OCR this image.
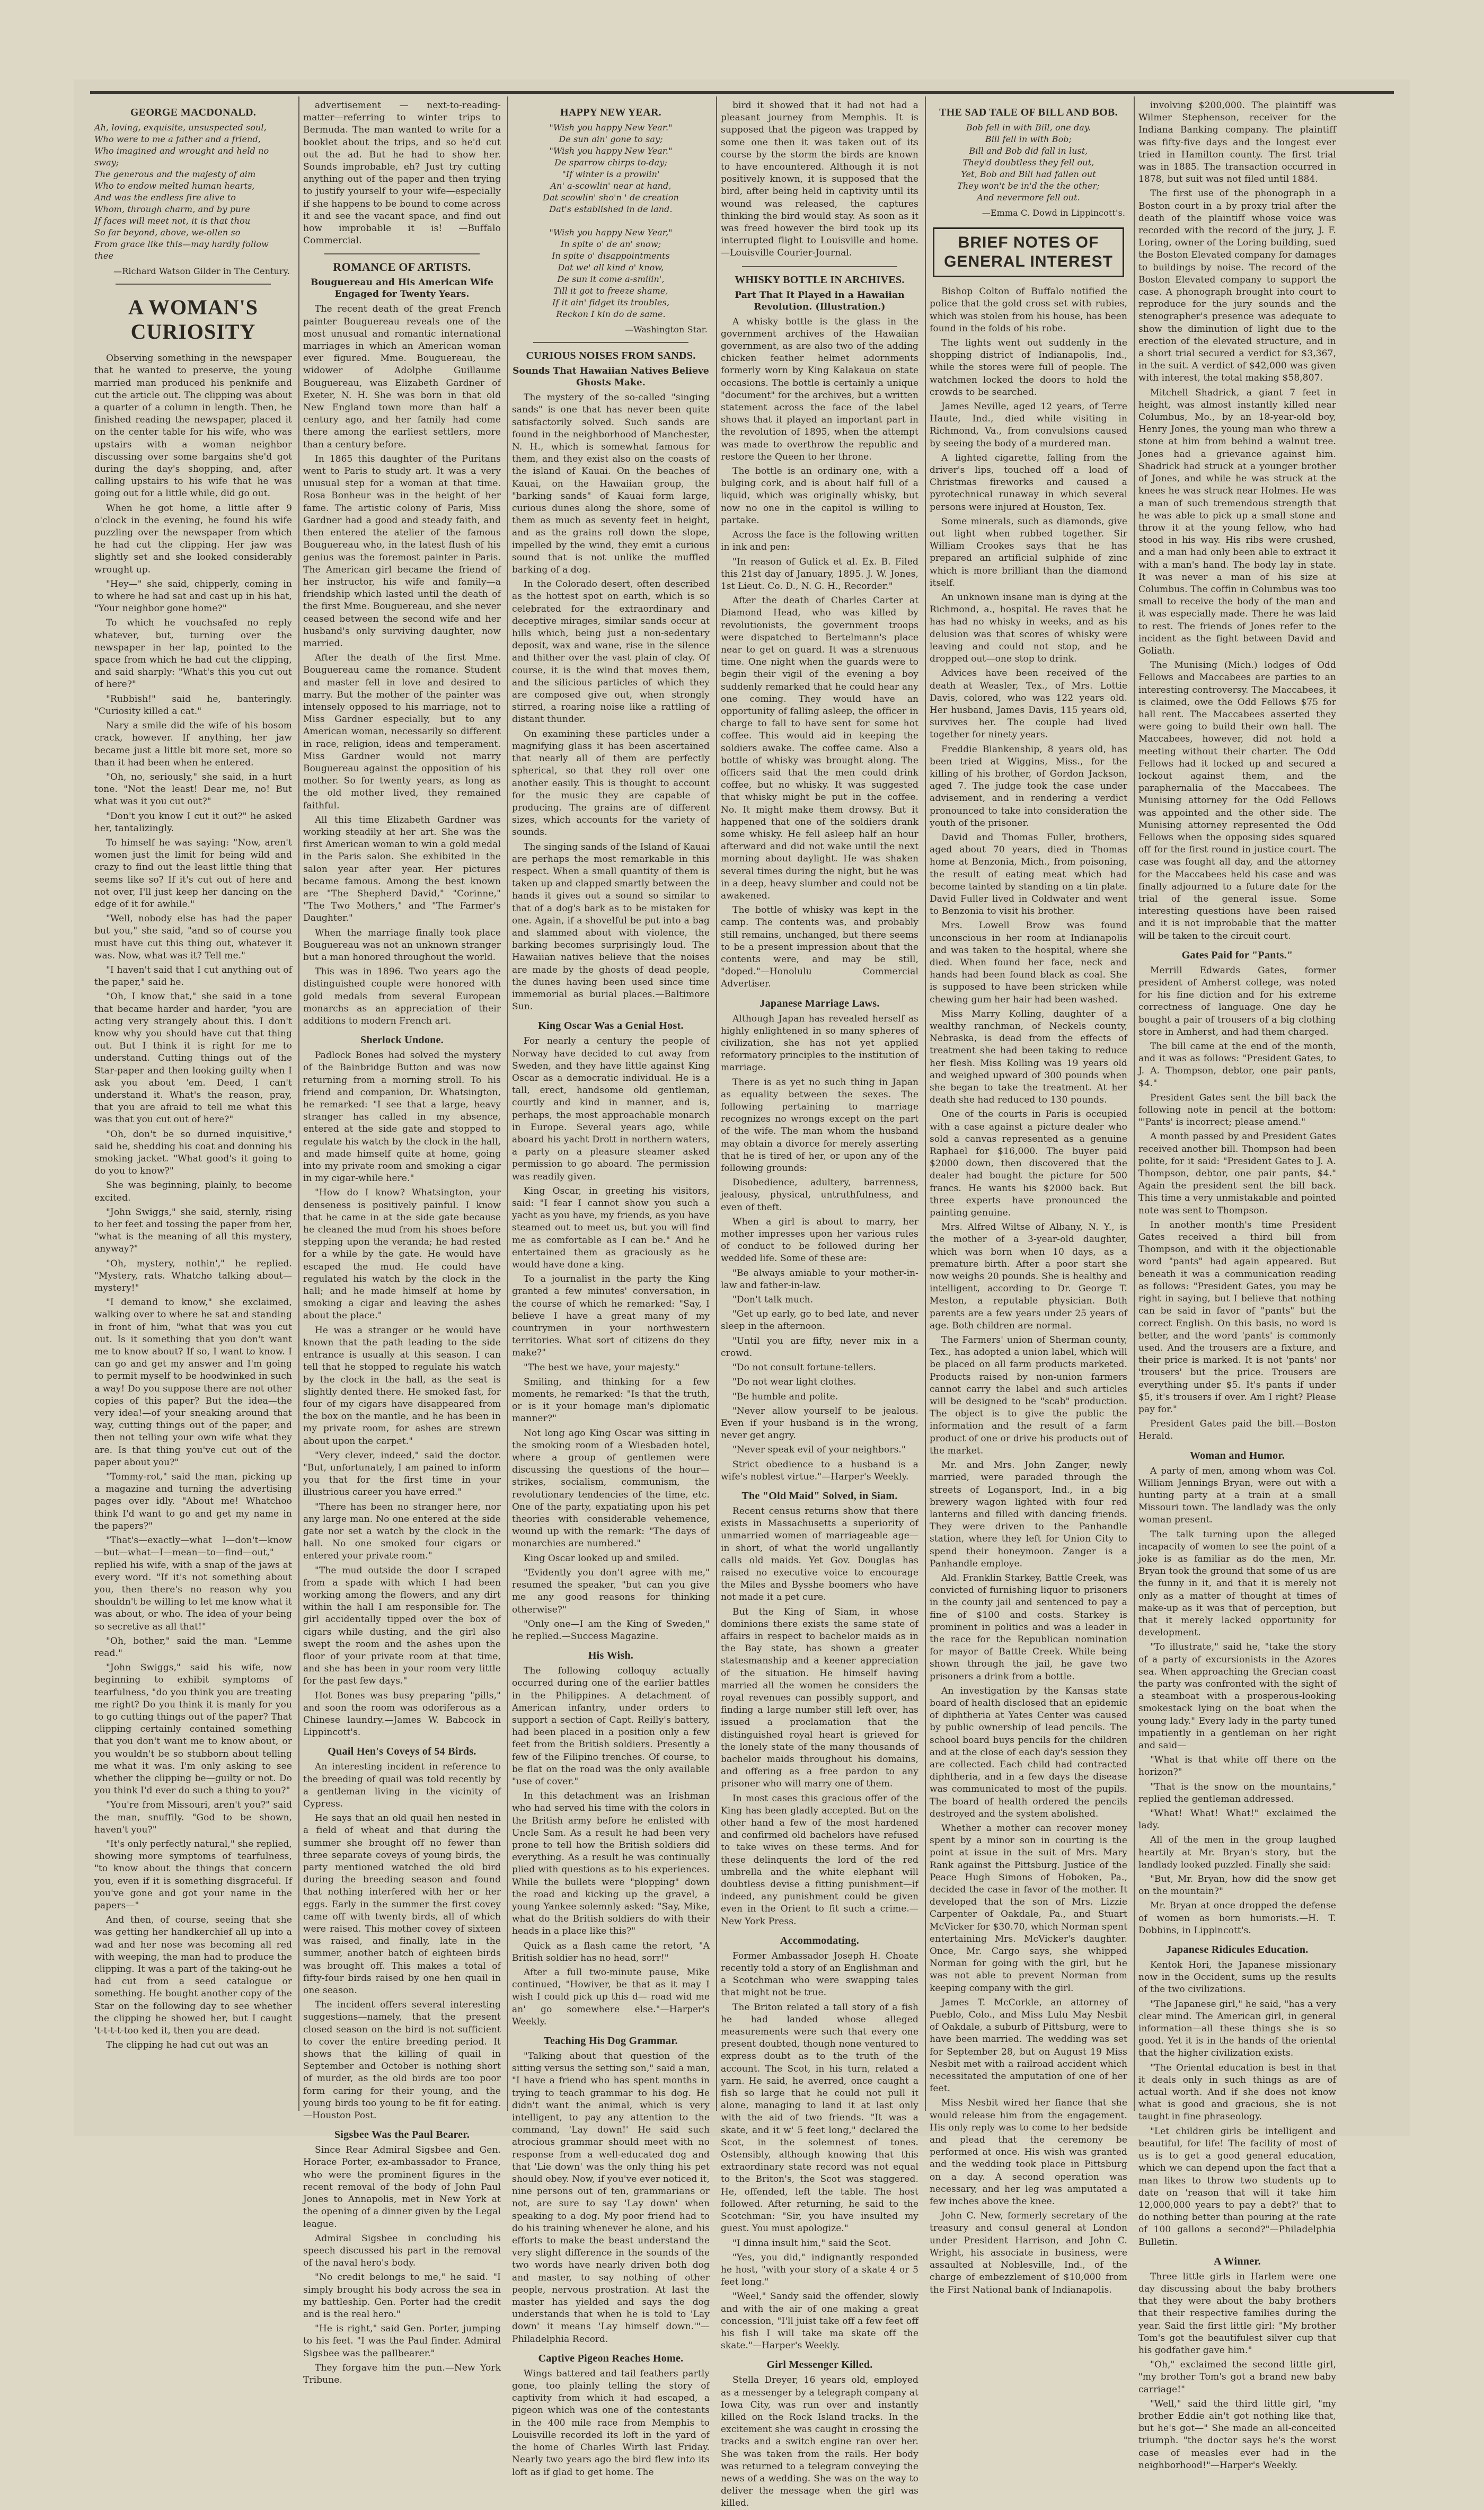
GEORGE MACDONALD.
Ah, loving, exquisite, unsuspected soul,
Who were to me a father and a friend,
Who imagined and wrought and held no
sway;
The generous and the majesty of aim
Who to endow melted human hearts,
And was the endless fire alive to
Whom, through charm, and by pure
If faces will meet not, it is that thou
So far beyond, above, we-ollen so
From grace like this—may hardly follow
thee
—Richard Watson Gilder in The Century.
A WOMAN'S CURIOSITY

Observing something in the newspaper that he wanted to preserve, the young married man produced his penknife and cut the article out. The clipping was about a quarter of a column in length. Then, he finished reading the newspaper, placed it on the center table for his wife, who was upstairs with a woman neighbor discussing over some bargains she'd got during the day's shopping, and, after calling upstairs to his wife that he was going out for a little while, did go out.

When he got home, a little after 9 o'clock in the evening, he found his wife puzzling over the newspaper from which he had cut the clipping. Her jaw was slightly set and she looked considerably wrought up.

"Hey—" she said, chipperly, coming in to where he had sat and cast up in his hat, "Your neighbor gone home?"

To which he vouchsafed no reply whatever, but, turning over the newspaper in her lap, pointed to the space from which he had cut the clipping, and said sharply: "What's this you cut out of here?"

"Rubbish!" said he, banteringly. "Curiosity killed a cat."

Nary a smile did the wife of his bosom crack, however. If anything, her jaw became just a little bit more set, more so than it had been when he entered.

"Oh, no, seriously," she said, in a hurt tone. "Not the least! Dear me, no! But what was it you cut out?"

"Don't you know I cut it out?" he asked her, tantalizingly.

To himself he was saying: "Now, aren't women just the limit for being wild and crazy to find out the least little thing that seems like so? If it's cut out of here and not over, I'll just keep her dancing on the edge of it for awhile."

"Well, nobody else has had the paper but you," she said, "and so of course you must have cut this thing out, whatever it was. Now, what was it? Tell me."

"I haven't said that I cut anything out of the paper," said he.

"Oh, I know that," she said in a tone that became harder and harder, "you are acting very strangely about this. I don't know why you should have cut that thing out. But I think it is right for me to understand. Cutting things out of the Star-paper and then looking guilty when I ask you about 'em. Deed, I can't understand it. What's the reason, pray, that you are afraid to tell me what this was that you cut out of here?"

"Oh, don't be so durned inquisitive," said he, shedding his coat and donning his smoking jacket. "What good's it going to do you to know?"

She was beginning, plainly, to become excited.

"John Swiggs," she said, sternly, rising to her feet and tossing the paper from her, "what is the meaning of all this mystery, anyway?"

"Oh, mystery, nothin'," he replied. "Mystery, rats. Whatcho talking about—mystery!"

"I demand to know," she exclaimed, walking over to where he sat and standing in front of him, "what that was you cut out. Is it something that you don't want me to know about? If so, I want to know. I can go and get my answer and I'm going to permit myself to be hoodwinked in such a way! Do you suppose there are not other copies of this paper? But the idea—the very idea!—of your sneaking around that way, cutting things out of the paper, and then not telling your own wife what they are. Is that thing you've cut out of the paper about you?"

"Tommy-rot," said the man, picking up a magazine and turning the advertising pages over idly. "About me! Whatchoo think I'd want to go and get my name in the papers?"

"That's—exactly—what I—don't—know—but—what—I—mean—to—find—out," replied his wife, with a snap of the jaws at every word. "If it's not something about you, then there's no reason why you shouldn't be willing to let me know what it was about, or who. The idea of your being so secretive as all that!"

"Oh, bother," said the man. "Lemme read."

"John Swiggs," said his wife, now beginning to exhibit symptoms of tearfulness, "do you think you are treating me right? Do you think it is manly for you to go cutting things out of the paper? That clipping certainly contained something that you don't want me to know about, or you wouldn't be so stubborn about telling me what it was. I'm only asking to see whether the clipping be—guilty or not. Do you think I'd ever do such a thing to you?"

"You're from Missouri, aren't you?" said the man, snuffily. "God to be shown, haven't you?"

"It's only perfectly natural," she replied, showing more symptoms of tearfulness, "to know about the things that concern you, even if it is something disgraceful. If you've gone and got your name in the papers—"

And then, of course, seeing that she was getting her handkerchief all up into a wad and her nose was becoming all red with weeping, the man had to produce the clipping. It was a part of the taking-out he had cut from a seed catalogue or something. He bought another copy of the Star on the following day to see whether the clipping he showed her, but I caught 't-t-t-t-too ked it, then you are dead.

The clipping he had cut out was an

advertisement — next-to-reading-matter—referring to winter trips to Bermuda. The man wanted to write for a booklet about the trips, and so he'd cut out the ad. But he had to show her. Sounds improbable, eh? Just try cutting anything out of the paper and then trying to justify yourself to your wife—especially if she happens to be bound to come across it and see the vacant space, and find out how improbable it is! —Buffalo Commercial.

ROMANCE OF ARTISTS.
Bouguereau and His American Wife Engaged for Twenty Years.

The recent death of the great French painter Bouguereau reveals one of the most unusual and romantic international marriages in which an American woman ever figured. Mme. Bouguereau, the widower of Adolphe Guillaume Bouguereau, was Elizabeth Gardner of Exeter, N. H. She was born in that old New England town more than half a century ago, and her family had come there among the earliest settlers, more than a century before.

In 1865 this daughter of the Puritans went to Paris to study art. It was a very unusual step for a woman at that time. Rosa Bonheur was in the height of her fame. The artistic colony of Paris, Miss Gardner had a good and steady faith, and then entered the atelier of the famous Bouguereau who, in the latest flush of his genius was the foremost painter in Paris. The American girl became the friend of her instructor, his wife and family—a friendship which lasted until the death of the first Mme. Bouguereau, and she never ceased between the second wife and her husband's only surviving daughter, now married.

After the death of the first Mme. Bouguereau came the romance. Student and master fell in love and desired to marry. But the mother of the painter was intensely opposed to his marriage, not to Miss Gardner especially, but to any American woman, necessarily so different in race, religion, ideas and temperament. Miss Gardner would not marry Bouguereau against the opposition of his mother. So for twenty years, as long as the old mother lived, they remained faithful.

All this time Elizabeth Gardner was working steadily at her art. She was the first American woman to win a gold medal in the Paris salon. She exhibited in the salon year after year. Her pictures became famous. Among the best known are "The Shepherd David," "Corinne," "The Two Mothers," and "The Farmer's Daughter."

When the marriage finally took place Bouguereau was not an unknown stranger but a man honored throughout the world.

This was in 1896. Two years ago the distinguished couple were honored with gold medals from several European monarchs as an appreciation of their additions to modern French art.

Sherlock Undone.

Padlock Bones had solved the mystery of the Bainbridge Button and was now returning from a morning stroll. To his friend and companion, Dr. Whatsington, he remarked: "I see that a large, heavy stranger has called in my absence, entered at the side gate and stopped to regulate his watch by the clock in the hall, and made himself quite at home, going into my private room and smoking a cigar in my cigar-while here."

"How do I know? Whatsington, your denseness is positively painful. I know that he came in at the side gate because he cleaned the mud from his shoes before stepping upon the veranda; he had rested for a while by the gate. He would have escaped the mud. He could have regulated his watch by the clock in the hall; and he made himself at home by smoking a cigar and leaving the ashes about the place."

He was a stranger or he would have known that the path leading to the side entrance is usually at this season. I can tell that he stopped to regulate his watch by the clock in the hall, as the seat is slightly dented there. He smoked fast, for four of my cigars have disappeared from the box on the mantle, and he has been in my private room, for ashes are strewn about upon the carpet."

"Very clever, indeed," said the doctor. "But, unfortunately, I am pained to inform you that for the first time in your illustrious career you have erred."

"There has been no stranger here, nor any large man. No one entered at the side gate nor set a watch by the clock in the hall. No one smoked four cigars or entered your private room."

"The mud outside the door I scraped from a spade with which I had been working among the flowers, and any dirt within the hall I am responsible for. The girl accidentally tipped over the box of cigars while dusting, and the girl also swept the room and the ashes upon the floor of your private room at that time, and she has been in your room very little for the past few days."

Hot Bones was busy preparing "pills," and soon the room was odoriferous as a Chinese laundry.—James W. Babcock in Lippincott's.

Quail Hen's Coveys of 54 Birds.

An interesting incident in reference to the breeding of quail was told recently by a gentleman living in the vicinity of Cypress.

He says that an old quail hen nested in a field of wheat and that during the summer she brought off no fewer than three separate coveys of young birds, the party mentioned watched the old bird during the breeding season and found that nothing interfered with her or her eggs. Early in the summer the first covey came off with twenty birds, all of which were raised. This mother covey of sixteen was raised, and finally, late in the summer, another batch of eighteen birds was brought off. This makes a total of fifty-four birds raised by one hen quail in one season.

The incident offers several interesting suggestions—namely, that the present closed season on the bird is not sufficient to cover the entire breeding period. It shows that the killing of quail in September and October is nothing short of murder, as the old birds are too poor form caring for their young, and the young birds too young to be fit for eating.—Houston Post.

Sigsbee Was the Paul Bearer.

Since Rear Admiral Sigsbee and Gen. Horace Porter, ex-ambassador to France, who were the prominent figures in the recent removal of the body of John Paul Jones to Annapolis, met in New York at the opening of a dinner given by the Legal league.

Admiral Sigsbee in concluding his speech discussed his part in the removal of the naval hero's body.

"No credit belongs to me," he said. "I simply brought his body across the sea in my battleship. Gen. Porter had the credit and is the real hero."

"He is right," said Gen. Porter, jumping to his feet. "I was the Paul finder. Admiral Sigsbee was the pallbearer."

They forgave him the pun.—New York Tribune.

HAPPY NEW YEAR.
"Wish you happy New Year."
De sun ain' gone to say;
"Wish you happy New Year."
De sparrow chirps to-day;
"If winter is a prowlin'
An' a-scowlin' near at hand,
Dat scowlin' sho'n ' de creation
Dat's established in de land.

"Wish you happy New Year,"
In spite o' de an' snow;
In spite o' disappointments
Dat we' all kind o' know,
De sun it come a-smilin',
Till it got to freeze shame,
If it ain' fidget its troubles,
Reckon I kin do de same.
—Washington Star.
CURIOUS NOISES FROM SANDS.
Sounds That Hawaiian Natives Believe Ghosts Make.

The mystery of the so-called "singing sands" is one that has never been quite satisfactorily solved. Such sands are found in the neighborhood of Manchester, N. H., which is somewhat famous for them, and they exist also on the coasts of the island of Kauai. On the beaches of Kauai, on the Hawaiian group, the "barking sands" of Kauai form large, curious dunes along the shore, some of them as much as seventy feet in height, and as the grains roll down the slope, impelled by the wind, they emit a curious sound that is not unlike the muffled barking of a dog.

In the Colorado desert, often described as the hottest spot on earth, which is so celebrated for the extraordinary and deceptive mirages, similar sands occur at hills which, being just a non-sedentary deposit, wax and wane, rise in the silence and thither over the vast plain of clay. Of course, it is the wind that moves them, and the silicious particles of which they are composed give out, when strongly stirred, a roaring noise like a rattling of distant thunder.

On examining these particles under a magnifying glass it has been ascertained that nearly all of them are perfectly spherical, so that they roll over one another easily. This is thought to account for the music they are capable of producing. The grains are of different sizes, which accounts for the variety of sounds.

The singing sands of the Island of Kauai are perhaps the most remarkable in this respect. When a small quantity of them is taken up and clapped smartly between the hands it gives out a sound so similar to that of a dog's bark as to be mistaken for one. Again, if a shovelful be put into a bag and slammed about with violence, the barking becomes surprisingly loud. The Hawaiian natives believe that the noises are made by the ghosts of dead people, the dunes having been used since time immemorial as burial places.—Baltimore Sun.

King Oscar Was a Genial Host.

For nearly a century the people of Norway have decided to cut away from Sweden, and they have little against King Oscar as a democratic individual. He is a tall, erect, handsome old gentleman, courtly and kind in manner, and is, perhaps, the most approachable monarch in Europe. Several years ago, while aboard his yacht Drott in northern waters, a party on a pleasure steamer asked permission to go aboard. The permission was readily given.

King Oscar, in greeting his visitors, said: "I fear I cannot show you such a yacht as you have, my friends, as you have steamed out to meet us, but you will find me as comfortable as I can be." And he entertained them as graciously as he would have done a king.

To a journalist in the party the King granted a few minutes' conversation, in the course of which he remarked: "Say, I believe I have a great many of my countrymen in your northwestern territories. What sort of citizens do they make?"

"The best we have, your majesty."

Smiling, and thinking for a few moments, he remarked: "Is that the truth, or is it your homage man's diplomatic manner?"

Not long ago King Oscar was sitting in the smoking room of a Wiesbaden hotel, where a group of gentlemen were discussing the questions of the hour—strikes, socialism, communism, the revolutionary tendencies of the time, etc. One of the party, expatiating upon his pet theories with considerable vehemence, wound up with the remark: "The days of monarchies are numbered."

King Oscar looked up and smiled.

"Evidently you don't agree with me," resumed the speaker, "but can you give me any good reasons for thinking otherwise?"

"Only one—I am the King of Sweden," he replied.—Success Magazine.

His Wish.

The following colloquy actually occurred during one of the earlier battles in the Philippines. A detachment of American infantry, under orders to support a section of Capt. Reilly's battery, had been placed in a position only a few feet from the British soldiers. Presently a few of the Filipino trenches. Of course, to be flat on the road was the only available "use of cover."

In this detachment was an Irishman who had served his time with the colors in the British army before he enlisted with Uncle Sam. As a result he had been very prone to tell how the British soldiers did everything. As a result he was continually plied with questions as to his experiences. While the bullets were "plopping" down the road and kicking up the gravel, a young Yankee solemnly asked: "Say, Mike, what do the British soldiers do with their heads in a place like this?"

Quick as a flash came the retort, "A British soldier has no head, sorr!"

After a full two-minute pause, Mike continued, "Howiver, be that as it may I wish I could pick up this d— road wid me an' go somewhere else."—Harper's Weekly.

Teaching His Dog Grammar.

"Talking about that question of the sitting versus the setting son," said a man, "I have a friend who has spent months in trying to teach grammar to his dog. He didn't want the animal, which is very intelligent, to pay any attention to the command, 'Lay down!' He said such atrocious grammar should meet with no response from a well-educated dog and that 'Lie down' was the only thing his pet should obey. Now, if you've ever noticed it, nine persons out of ten, grammarians or not, are sure to say 'Lay down' when speaking to a dog. My poor friend had to do his training whenever he alone, and his efforts to make the beast understand the very slight difference in the sounds of the two words have nearly driven both dog and master, to say nothing of other people, nervous prostration. At last the master has yielded and says the dog understands that when he is told to 'Lay down' it means 'Lay himself down.'"—Philadelphia Record.

Captive Pigeon Reaches Home.

Wings battered and tail feathers partly gone, too plainly telling the story of captivity from which it had escaped, a pigeon which was one of the contestants in the 400 mile race from Memphis to Louisville recorded its loft in the yard of the home of Charles Wirth last Friday. Nearly two years ago the bird flew into its loft as if glad to get home. The

bird it showed that it had not had a pleasant journey from Memphis. It is supposed that the pigeon was trapped by some one then it was taken out of its course by the storm the birds are known to have encountered. Although it is not positively known, it is supposed that the bird, after being held in captivity until its wound was released, the captures thinking the bird would stay. As soon as it was freed however the bird took up its interrupted flight to Louisville and home.—Louisville Courier-Journal.

WHISKY BOTTLE IN ARCHIVES.
Part That It Played in a Hawaiian Revolution. (Illustration.)

A whisky bottle is the glass in the government archives of the Hawaiian government, as are also two of the adding chicken feather helmet adornments formerly worn by King Kalakaua on state occasions. The bottle is certainly a unique "document" for the archives, but a written statement across the face of the label shows that it played an important part in the revolution of 1895, when the attempt was made to overthrow the republic and restore the Queen to her throne.

The bottle is an ordinary one, with a bulging cork, and is about half full of a liquid, which was originally whisky, but now no one in the capitol is willing to partake.

Across the face is the following written in ink and pen:

"In reason of Gulick et al. Ex. B. Filed this 21st day of January, 1895. J. W. Jones, 1st Lieut. Co. D., N. G. H., Recorder."

After the death of Charles Carter at Diamond Head, who was killed by revolutionists, the government troops were dispatched to Bertelmann's place near to get on guard. It was a strenuous time. One night when the guards were to begin their vigil of the evening a boy suddenly remarked that he could hear any one coming. They would have an opportunity of falling asleep, the officer in charge to fall to have sent for some hot coffee. This would aid in keeping the soldiers awake. The coffee came. Also a bottle of whisky was brought along. The officers said that the men could drink coffee, but no whisky. It was suggested that whisky might be put in the coffee. No. It might make them drowsy. But it happened that one of the soldiers drank some whisky. He fell asleep half an hour afterward and did not wake until the next morning about daylight. He was shaken several times during the night, but he was in a deep, heavy slumber and could not be awakened.

The bottle of whisky was kept in the camp. The contents was, and probably still remains, unchanged, but there seems to be a present impression about that the contents were, and may be still, "doped."—Honolulu Commercial Advertiser.

Japanese Marriage Laws.

Although Japan has revealed herself as highly enlightened in so many spheres of civilization, she has not yet applied reformatory principles to the institution of marriage.

There is as yet no such thing in Japan as equality between the sexes. The following pertaining to marriage recognizes no wrongs except on the part of the wife. The man whom the husband may obtain a divorce for merely asserting that he is tired of her, or upon any of the following grounds:

Disobedience, adultery, barrenness, jealousy, physical, untruthfulness, and even of theft.

When a girl is about to marry, her mother impresses upon her various rules of conduct to be followed during her wedded life. Some of these are:

"Be always amiable to your mother-in-law and father-in-law.

"Don't talk much.

"Get up early, go to bed late, and never sleep in the afternoon.

"Until you are fifty, never mix in a crowd.

"Do not consult fortune-tellers.

"Do not wear light clothes.

"Be humble and polite.

"Never allow yourself to be jealous. Even if your husband is in the wrong, never get angry.

"Never speak evil of your neighbors."

Strict obedience to a husband is a wife's noblest virtue."—Harper's Weekly.

The "Old Maid" Solved, in Siam.

Recent census returns show that there exists in Massachusetts a superiority of unmarried women of marriageable age—in short, of what the world ungallantly calls old maids. Yet Gov. Douglas has raised no executive voice to encourage the Miles and Bysshe boomers who have not made it a pet cure.

But the King of Siam, in whose dominions there exists the same state of affairs in respect to bachelor maids as in the Bay state, has shown a greater statesmanship and a keener appreciation of the situation. He himself having married all the women he considers the royal revenues can possibly support, and finding a large number still left over, has issued a proclamation that the distinguished royal heart is grieved for the lonely state of the many thousands of bachelor maids throughout his domains, and offering as a free pardon to any prisoner who will marry one of them.

In most cases this gracious offer of the King has been gladly accepted. But on the other hand a few of the most hardened and confirmed old bachelors have refused to take wives on these terms. And for these delinquents the lord of the red umbrella and the white elephant will doubtless devise a fitting punishment—if indeed, any punishment could be given even in the Orient to fit such a crime.—New York Press.

Accommodating.

Former Ambassador Joseph H. Choate recently told a story of an Englishman and a Scotchman who were swapping tales that might not be true.

The Briton related a tall story of a fish he had landed whose alleged measurements were such that every one present doubted, though none ventured to express doubt as to the truth of the account. The Scot, in his turn, related a yarn. He said, he averred, once caught a fish so large that he could not pull it alone, managing to land it at last only with the aid of two friends. "It was a skate, and it w' 5 feet long," declared the Scot, in the solemnest of tones. Ostensibly, although knowing that this extraordinary state record was not equal to the Briton's, the Scot was staggered. He, offended, left the table. The host followed. After returning, he said to the Scotchman: "Sir, you have insulted my guest. You must apologize."

"I dinna insult him," said the Scot.

"Yes, you did," indignantly responded he host, "with your story of a skate 4 or 5 feet long."

"Weel," Sandy said the offender, slowly and with the air of one making a great concession, "I'll juist take off a few feet off his fish I will take ma skate off the skate."—Harper's Weekly.

Girl Messenger Killed.

Stella Dreyer, 16 years old, employed as a messenger by a telegraph company at Iowa City, was run over and instantly killed on the Rock Island tracks. In the excitement she was caught in crossing the tracks and a switch engine ran over her. She was taken from the rails. Her body was returned to a telegram conveying the news of a wedding. She was on the way to deliver the message when the girl was killed.

THE SAD TALE OF BILL AND BOB.
Bob fell in with Bill, one day.
Bill fell in with Bob;
Bill and Bob did fall in lust,
They'd doubtless they fell out,
Yet, Bob and Bill had fallen out
They won't be in'd the the other;
And nevermore fell out.
—Emma C. Dowd in Lippincott's.
BRIEF NOTES OF
GENERAL INTEREST

Bishop Colton of Buffalo notified the police that the gold cross set with rubies, which was stolen from his house, has been found in the folds of his robe.

The lights went out suddenly in the shopping district of Indianapolis, Ind., while the stores were full of people. The watchmen locked the doors to hold the crowds to be searched.

James Neville, aged 12 years, of Terre Haute, Ind., died while visiting in Richmond, Va., from convulsions caused by seeing the body of a murdered man.

A lighted cigarette, falling from the driver's lips, touched off a load of Christmas fireworks and caused a pyrotechnical runaway in which several persons were injured at Houston, Tex.

Some minerals, such as diamonds, give out light when rubbed together. Sir William Crookes says that he has prepared an artificial sulphide of zinc which is more brilliant than the diamond itself.

An unknown insane man is dying at the Richmond, a., hospital. He raves that he has had no whisky in weeks, and as his delusion was that scores of whisky were leaving and could not stop, and he dropped out—one stop to drink.

Advices have been received of the death at Weasler, Tex., of Mrs. Lottie Davis, colored, who was 122 years old. Her husband, James Davis, 115 years old, survives her. The couple had lived together for ninety years.

Freddie Blankenship, 8 years old, has been tried at Wiggins, Miss., for the killing of his brother, of Gordon Jackson, aged 7. The judge took the case under advisement, and in rendering a verdict pronounced to take into consideration the youth of the prisoner.

David and Thomas Fuller, brothers, aged about 70 years, died in Thomas home at Benzonia, Mich., from poisoning, the result of eating meat which had become tainted by standing on a tin plate. David Fuller lived in Coldwater and went to Benzonia to visit his brother.

Mrs. Lowell Brow was found unconscious in her room at Indianapolis and was taken to the hospital, where she died. When found her face, neck and hands had been found black as coal. She is supposed to have been stricken while chewing gum her hair had been washed.

Miss Marry Kolling, daughter of a wealthy ranchman, of Neckels county, Nebraska, is dead from the effects of treatment she had been taking to reduce her flesh. Miss Kolling was 19 years old and weighed upward of 300 pounds when she began to take the treatment. At her death she had reduced to 130 pounds.

One of the courts in Paris is occupied with a case against a picture dealer who sold a canvas represented as a genuine Raphael for $16,000. The buyer paid $2000 down, then discovered that the dealer had bought the picture for 500 francs. He wants his $2000 back. But three experts have pronounced the painting genuine.

Mrs. Alfred Wiltse of Albany, N. Y., is the mother of a 3-year-old daughter, which was born when 10 days, as a premature birth. After a poor start she now weighs 20 pounds. She is healthy and intelligent, according to Dr. George T. Meston, a reputable physician. Both parents are a few years under 25 years of age. Both children are normal.

The Farmers' union of Sherman county, Tex., has adopted a union label, which will be placed on all farm products marketed. Products raised by non-union farmers cannot carry the label and such articles will be designed to be "scab" production. The object is to give the public the information and the result of a farm product of one or drive his products out of the market.

Mr. and Mrs. John Zanger, newly married, were paraded through the streets of Logansport, Ind., in a big brewery wagon lighted with four red lanterns and filled with dancing friends. They were driven to the Panhandle station, where they left for Union City to spend their honeymoon. Zanger is a Panhandle employe.

Ald. Franklin Starkey, Battle Creek, was convicted of furnishing liquor to prisoners in the county jail and sentenced to pay a fine of $100 and costs. Starkey is prominent in politics and was a leader in the race for the Republican nomination for mayor of Battle Creek. While being shown through the jail, he gave two prisoners a drink from a bottle.

An investigation by the Kansas state board of health disclosed that an epidemic of diphtheria at Yates Center was caused by public ownership of lead pencils. The school board buys pencils for the children and at the close of each day's session they are collected. Each child had contracted diphtheria, and in a few days the disease was communicated to most of the pupils. The board of health ordered the pencils destroyed and the system abolished.

Whether a mother can recover money spent by a minor son in courting is the point at issue in the suit of Mrs. Mary Rank against the Pittsburg. Justice of the Peace Hugh Simons of Hoboken, Pa., decided the case in favor of the mother. It developed that the son of Mrs. Lizzie Carpenter of Oakdale, Pa., and Stuart McVicker for $30.70, which Norman spent entertaining Mrs. McVicker's daughter. Once, Mr. Cargo says, she whipped Norman for going with the girl, but he was not able to prevent Norman from keeping company with the girl.

James T. McCorkle, an attorney of Pueblo, Colo., and Miss Lulu May Nesbit of Oakdale, a suburb of Pittsburg, were to have been married. The wedding was set for September 28, but on August 19 Miss Nesbit met with a railroad accident which necessitated the amputation of one of her feet.

Miss Nesbit wired her fiance that she would release him from the engagement. His only reply was to come to her bedside and plead that the ceremony be performed at once. His wish was granted and the wedding took place in Pittsburg on a day. A second operation was necessary, and her leg was amputated a few inches above the knee.

John C. New, formerly secretary of the treasury and consul general at London under President Harrison, and John C. Wright, his associate in business, were assaulted at Noblesville, Ind., of the charge of embezzlement of $10,000 from the First National bank of Indianapolis.

involving $200,000. The plaintiff was Wilmer Stephenson, receiver for the Indiana Banking company. The plaintiff was fifty-five days and the longest ever tried in Hamilton county. The first trial was in 1885. The transaction occurred in 1878, but suit was not filed until 1884.

The first use of the phonograph in a Boston court in a by proxy trial after the death of the plaintiff whose voice was recorded with the record of the jury, J. F. Loring, owner of the Loring building, sued the Boston Elevated company for damages to buildings by noise. The record of the Boston Elevated company to support the case. A phonograph brought into court to reproduce for the jury sounds and the stenographer's presence was adequate to show the diminution of light due to the erection of the elevated structure, and in a short trial secured a verdict for $3,367, in the suit. A verdict of $42,000 was given with interest, the total making $58,807.

Mitchell Shadrick, a giant 7 feet in height, was almost instantly killed near Columbus, Mo., by an 18-year-old boy, Henry Jones, the young man who threw a stone at him from behind a walnut tree. Jones had a grievance against him. Shadrick had struck at a younger brother of Jones, and while he was struck at the knees he was struck near Holmes. He was a man of such tremendous strength that he was able to pick up a small stone and throw it at the young fellow, who had stood in his way. His ribs were crushed, and a man had only been able to extract it with a man's hand. The body lay in state. It was never a man of his size at Columbus. The coffin in Columbus was too small to receive the body of the man and it was especially made. There he was laid to rest. The friends of Jones refer to the incident as the fight between David and Goliath.

The Munising (Mich.) lodges of Odd Fellows and Maccabees are parties to an interesting controversy. The Maccabees, it is claimed, owe the Odd Fellows $75 for hall rent. The Maccabees asserted they were going to build their own hall. The Maccabees, however, did not hold a meeting without their charter. The Odd Fellows had it locked up and secured a lockout against them, and the paraphernalia of the Maccabees. The Munising attorney for the Odd Fellows was appointed and the other side. The Munising attorney represented the Odd Fellows when the opposing sides squared off for the first round in justice court. The case was fought all day, and the attorney for the Maccabees held his case and was finally adjourned to a future date for the trial of the general issue. Some interesting questions have been raised and it is not improbable that the matter will be taken to the circuit court.

Gates Paid for "Pants."

Merrill Edwards Gates, former president of Amherst college, was noted for his fine diction and for his extreme correctness of language. One day he bought a pair of trousers of a big clothing store in Amherst, and had them charged.

The bill came at the end of the month, and it was as follows: "President Gates, to J. A. Thompson, debtor, one pair pants, $4."

President Gates sent the bill back the following note in pencil at the bottom: "'Pants' is incorrect; please amend."

A month passed by and President Gates received another bill. Thompson had been polite, for it said: "President Gates to J. A. Thompson, debtor, one pair pants, $4." Again the president sent the bill back. This time a very unmistakable and pointed note was sent to Thompson.

In another month's time President Gates received a third bill from Thompson, and with it the objectionable word "pants" had again appeared. But beneath it was a communication reading as follows: "President Gates, you may be right in saying, but I believe that nothing can be said in favor of "pants" but the correct English. On this basis, no word is better, and the word 'pants' is commonly used. And the trousers are a fixture, and their price is marked. It is not 'pants' nor 'trousers' but the price. Trousers are everything under $5. It's pants if under $5, it's trousers if over. Am I right? Please pay for."

President Gates paid the bill.—Boston Herald.

Woman and Humor.

A party of men, among whom was Col. William Jennings Bryan, were out with a hunting party at a train at a small Missouri town. The landlady was the only woman present.

The talk turning upon the alleged incapacity of women to see the point of a joke is as familiar as do the men, Mr. Bryan took the ground that some of us are the funny in it, and that it is merely not only as a matter of thought at times of make-up as it was that of perception, but that it merely lacked opportunity for development.

"To illustrate," said he, "take the story of a party of excursionists in the Azores sea. When approaching the Grecian coast the party was confronted with the sight of a steamboat with a prosperous-looking smokestack lying on the boat when the young lady." Every lady in the party tuned impatiently in a gentleman on her right and said—

"What is that white off there on the horizon?"

"That is the snow on the mountains," replied the gentleman addressed.

"What! What! What!" exclaimed the lady.

All of the men in the group laughed heartily at Mr. Bryan's story, but the landlady looked puzzled. Finally she said:

"But, Mr. Bryan, how did the snow get on the mountain?"

Mr. Bryan at once dropped the defense of women as born humorists.—H. T. Dobbins, in Lippincott's.

Japanese Ridicules Education.

Kentok Hori, the Japanese missionary now in the Occident, sums up the results of the two civilizations.

"The Japanese girl," he said, "has a very clear mind. The American girl, in general information—all these things she is so good. Yet it is in the hands of the oriental that the higher civilization exists.

"The Oriental education is best in that it deals only in such things as are of actual worth. And if she does not know what is good and gracious, she is not taught in fine phraseology.

"Let children girls be intelligent and beautiful, for life! The facility of most of us is to get a good general education, which we can depend upon the fact that a man likes to throw two students up to date on 'reason that will it take him 12,000,000 years to pay a debt?' that to do nothing better than pouring at the rate of 100 gallons a second?"—Philadelphia Bulletin.

A Winner.

Three little girls in Harlem were one day discussing about the baby brothers that they were about the baby brothers that their respective families during the year. Said the first little girl: "My brother Tom's got the beautifulest silver cup that his godfather gave him."

"Oh," exclaimed the second little girl, "my brother Tom's got a brand new baby carriage!"

"Well," said the third little girl, "my brother Eddie ain't got nothing like that, but he's got—" She made an all-conceited triumph. "the doctor says he's the worst case of measles ever had in the neighborhood!"—Harper's Weekly.
